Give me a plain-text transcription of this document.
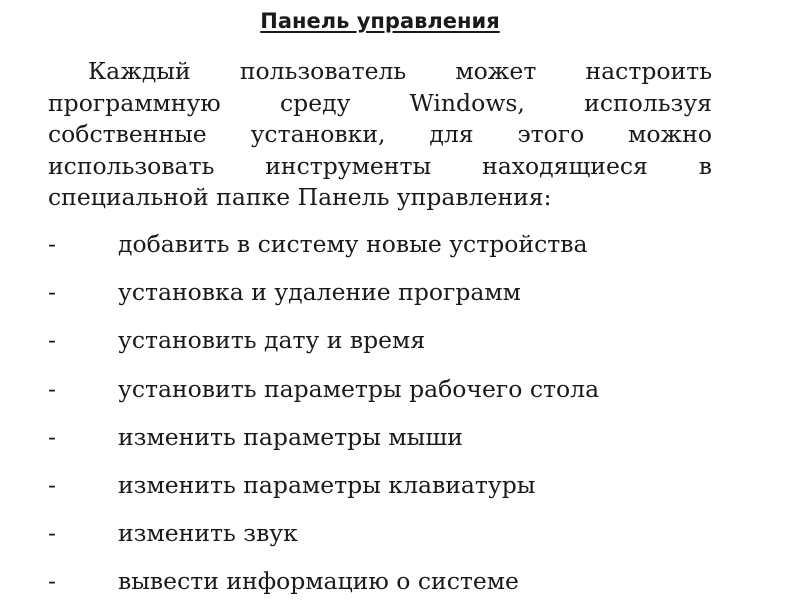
Панель управления
Каждый пользователь может настроить
программную среду Windows, используя
собственные установки, для этого можно
использовать инструменты находящиеся в
специальной папке Панель управления:
-	добавить в систему новые устройства
-	установка и удаление программ
-	установить дату и время
-	установить параметры рабочего стола
-	изменить параметры мыши
-	изменить параметры клавиатуры
-	изменить звук
-	вывести информацию о системе
